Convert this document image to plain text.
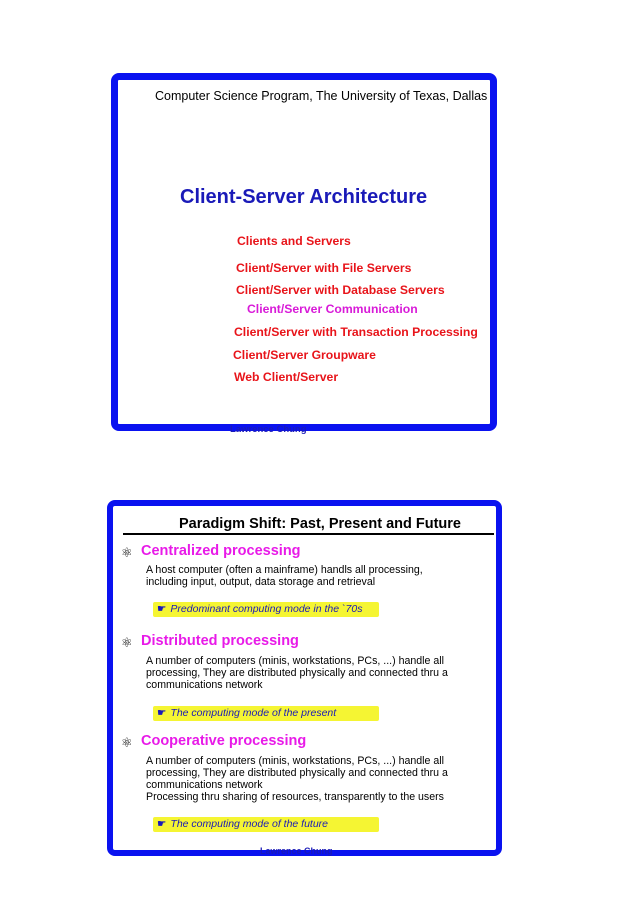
Computer Science Program, The University of Texas, Dallas
Client-Server Architecture
Clients and Servers
Client/Server with File Servers
Client/Server with Database Servers
Client/Server Communication
Client/Server with Transaction Processing
Client/Server Groupware
Web Client/Server
Lawrence Chung
Paradigm Shift: Past, Present and Future
⚛ Centralized processing
A host computer (often a mainframe) handls all processing, including input, output, data storage and retrieval
☛ Predominant computing mode in the `70s
⚛ Distributed processing
A number of computers (minis, workstations, PCs, ...) handle all processing, They are distributed physically and connected thru a communications network
☛ The computing mode of the present
⚛ Cooperative processing
A number of computers (minis, workstations, PCs, ...) handle all processing, They are distributed physically and connected thru a communications network
Processing thru sharing of resources, transparently to the users
☛ The computing mode of the future
Lawrence Chung
